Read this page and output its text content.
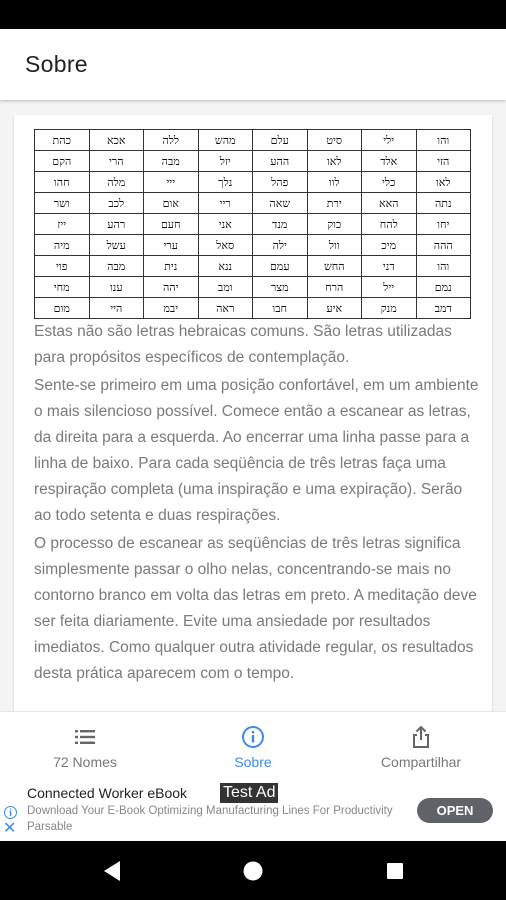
Sobre
כהת	אכא	ללה	מהש	עלם	סיט	ילי	והו
הקם	הרי	מבה	יזל	ההע	לאו	אלד	הזי
חהו	מלה	ייי	נלך	פהל	לוו	כלי	לאו
ושר	לכב	אום	ריי	שאה	ירת	האא	נתה
ייז	רהע	חעם	אני	מנד	כוק	להח	יחו
מיה	עשל	ערי	סאל	ילה	וול	מיכ	ההה
פוי	מבה	נית	ננא	עמם	החש	דני	והו
מחי	ענו	יהה	ומב	מצר	הרח	ייל	נמם
מום	היי	יבמ	ראה	חבו	איע	מנק	דמב

Estas não são letras hebraicas comuns. São letras utilizadas para propósitos específicos de contemplação.

Sente-se primeiro em uma posição confortável, em um ambiente o mais silencioso possível. Comece então a escanear as letras, da direita para a esquerda. Ao encerrar uma linha passe para a linha de baixo. Para cada seqüência de três letras faça uma respiração completa (uma inspiração e uma expiração). Serão ao todo setenta e duas respirações.

O processo de escanear as seqüências de três letras significa simplesmente passar o olho nelas, concentrando-se mais no contorno branco em volta das letras em preto. A meditação deve ser feita diariamente. Evite uma ansiedade por resultados imediatos. Como qualquer outra atividade regular, os resultados desta prática aparecem com o tempo.

72 Nomes	Sobre	Compartilhar
Connected Worker eBook Test Ad
Download Your E-Book Optimizing Manufacturing Lines For Productivity Parsable
i
✕
OPEN
